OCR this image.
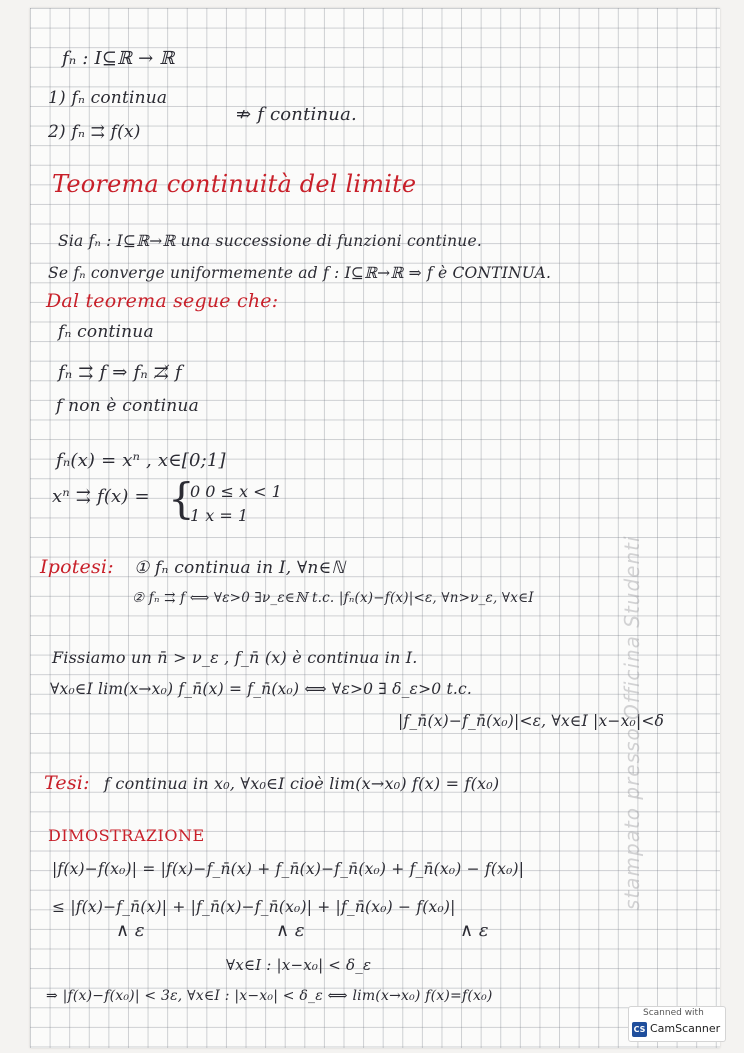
fₙ : I⊆ℝ → ℝ
1) fₙ continua
2) fₙ ⇉ f(x)
⇏ f continua.
Teorema continuità del limite
Sia fₙ : I⊆ℝ→ℝ una successione di funzioni continue.
Se fₙ converge uniformemente ad f : I⊆ℝ→ℝ ⇒ f è CONTINUA.
Dal teorema segue che:
fₙ continua
fₙ ⇉ f ⇒ fₙ ⇉̸ f
f non è continua
fₙ(x) = xⁿ , x∈[0;1]
xⁿ ⇉ f(x) = {
0 0 ≤ x < 1
1 x = 1
Ipotesi: ① fₙ continua in I, ∀n∈ℕ
② fₙ ⇉ f ⟺ ∀ε>0 ∃ν_ε∈ℕ t.c. |fₙ(x)−f(x)|<ε, ∀n>ν_ε, ∀x∈I
Fissiamo un n̄ > ν_ε , f_n̄ (x) è continua in I.
∀x₀∈I lim(x→x₀) f_n̄(x) = f_n̄(x₀) ⟺ ∀ε>0 ∃ δ_ε>0 t.c.
|f_n̄(x)−f_n̄(x₀)|<ε, ∀x∈I |x−x₀|<δ
Tesi: f continua in x₀, ∀x₀∈I cioè lim(x→x₀) f(x) = f(x₀)
DIMOSTRAZIONE
|f(x)−f(x₀)| = |f(x)−f_n̄(x) + f_n̄(x)−f_n̄(x₀) + f_n̄(x₀) − f(x₀)|
≤ |f(x)−f_n̄(x)| + |f_n̄(x)−f_n̄(x₀)| + |f_n̄(x₀) − f(x₀)|
∧ ε	∧ ε	∧ ε
∀x∈I : |x−x₀| < δ_ε
⇒ |f(x)−f(x₀)| < 3ε, ∀x∈I : |x−x₀| < δ_ε ⟺ lim(x→x₀) f(x)=f(x₀)
stampato presso Officina Studenti
Scanned with
CS CamScanner
